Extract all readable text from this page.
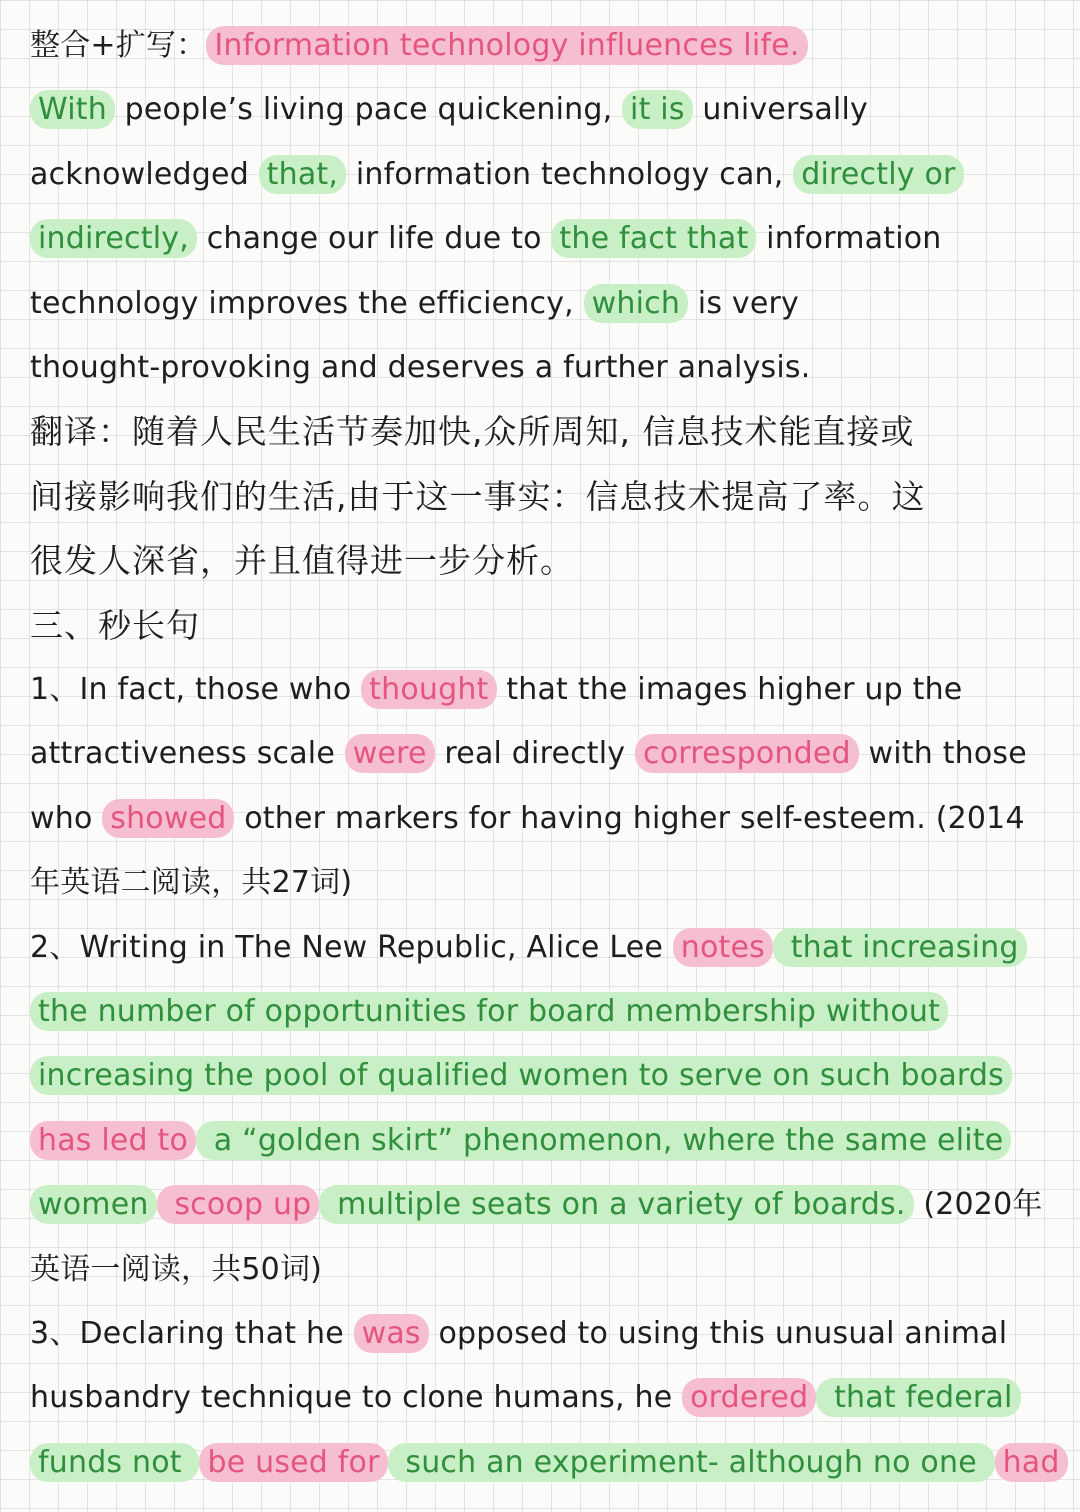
整合+扩写： Information technology influences life.
With people’s living pace quickening, it is universally
acknowledged that, information technology can, directly or
indirectly, change our life due to the fact that information
technology improves the efficiency, which is very
thought-provoking and deserves a further analysis.
翻译：随着人民生活节奏加快,众所周知, 信息技术能直接或
间接影响我们的生活,由于这一事实：信息技术提高了率。这
很发人深省，并且值得进一步分析。
三、秒长句
1、In fact, those who thought that the images higher up the
attractiveness scale were real directly corresponded with those
who showed other markers for having higher self-esteem. (2014
年英语二阅读，共27词)
2、Writing in The New Republic, Alice Lee notes that increasing
the number of opportunities for board membership without
increasing the pool of qualified women to serve on such boards
has led to a “golden skirt” phenomenon, where the same elite
women scoop up multiple seats on a variety of boards. (2020年
英语一阅读，共50词)
3、Declaring that he was opposed to using this unusual animal
husbandry technique to clone humans, he ordered that federal
funds not be used for such an experiment- although no one had
